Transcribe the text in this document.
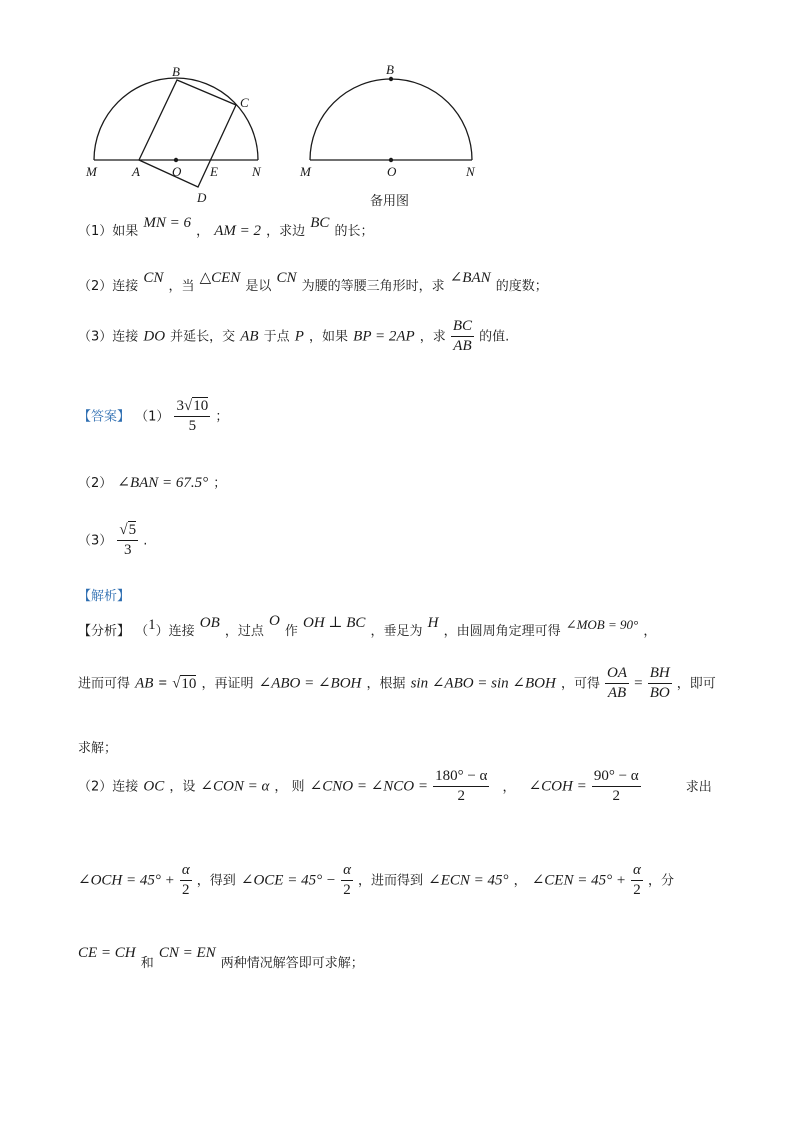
B
C
M	A O E	N
D
B
M	O	N
备用图
（1）如果 MN = 6 ， AM = 2 ，求边 BC 的长；
（2）连接 CN ，当 △CEN 是以 CN 为腰的等腰三角形时，求 ∠BAN 的度数；
（3）连接 DO 并延长，交 AB 于点 P ，如果 BP = 2AP ，求 $\frac{BC}{AB}$ 的值.
【答案】 $(1) \frac{3√10}{5}$ ；
（2） ∠BAN = 67.5° ；
$(3) \frac{√5}{3}$ .
【解析】
【分析】 （1）连接 OB ，过点 O 作 OH ⊥ BC ，垂足为 H ，由圆周角定理可得 $^{\angle MOB = 90^\circ}$ ，
进而可得 AB = √10 ，再证明 ∠ABO = ∠BOH ，根据 sin ∠ABO = sin ∠BOH ，可得 $\frac{OA}{AB} = \frac{BH}{BO}$ ，即可
求解；
（2）连接 OC ，设 ∠CON = α ， 则 ∠CNO = ∠NCO = $\frac{180^\circ - \alpha}{2}$ ， ∠COH = $\frac{90^\circ - \alpha}{2}$	求出
∠OCH = $45^\circ + \frac{\alpha}{2}$ ，得到 ∠OCE = $45^\circ - \frac{\alpha}{2}$ ，进而得到 ∠ECN = 45° ， ∠CEN = $45^\circ + \frac{\alpha}{2}$ ，分
CE = CH $_和$ CN = EN $_{两种情况解答即可求解;}$
